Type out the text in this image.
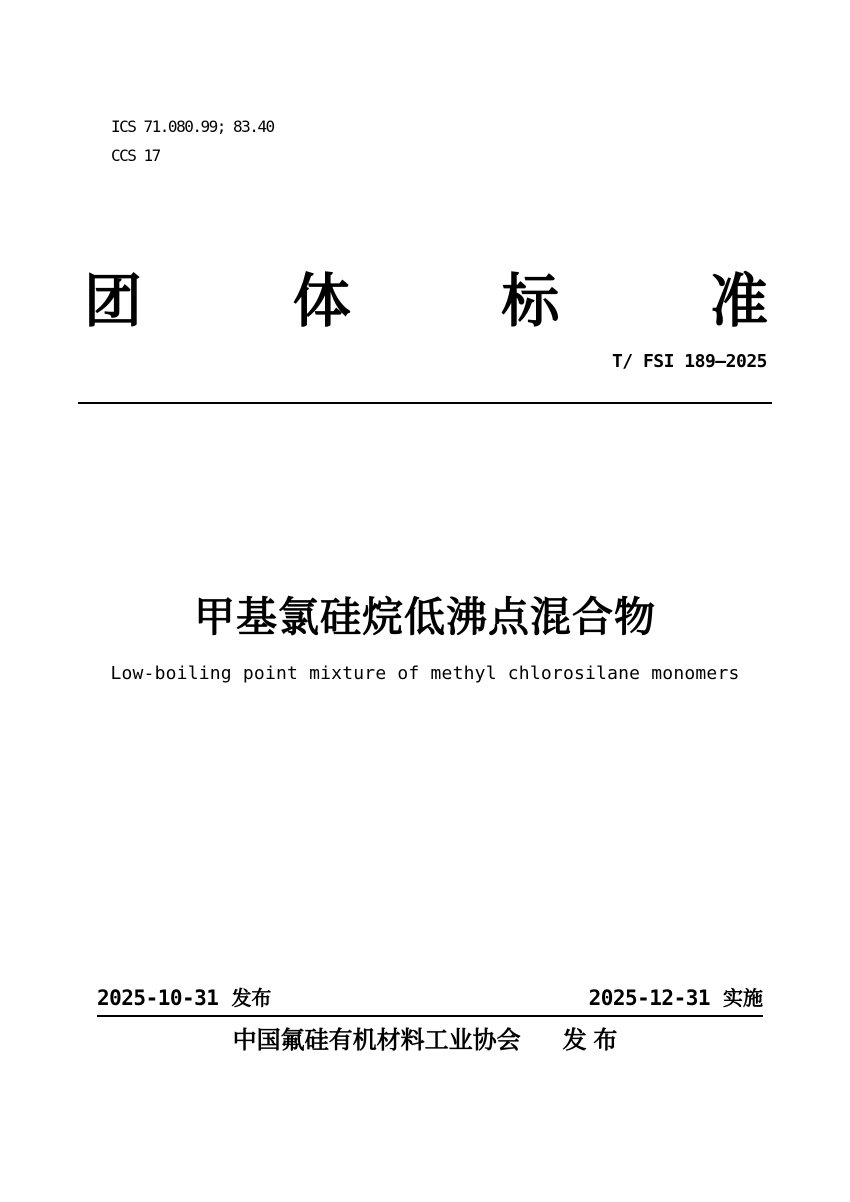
ICS 71.080.99; 83.40
CCS 17
团	体	标	准
T/ FSI 189—2025
甲基氯硅烷低沸点混合物
Low-boiling point mixture of methyl chlorosilane monomers
2025-10-31 发布	2025-12-31 实施
中国氟硅有机材料工业协会 发 布
